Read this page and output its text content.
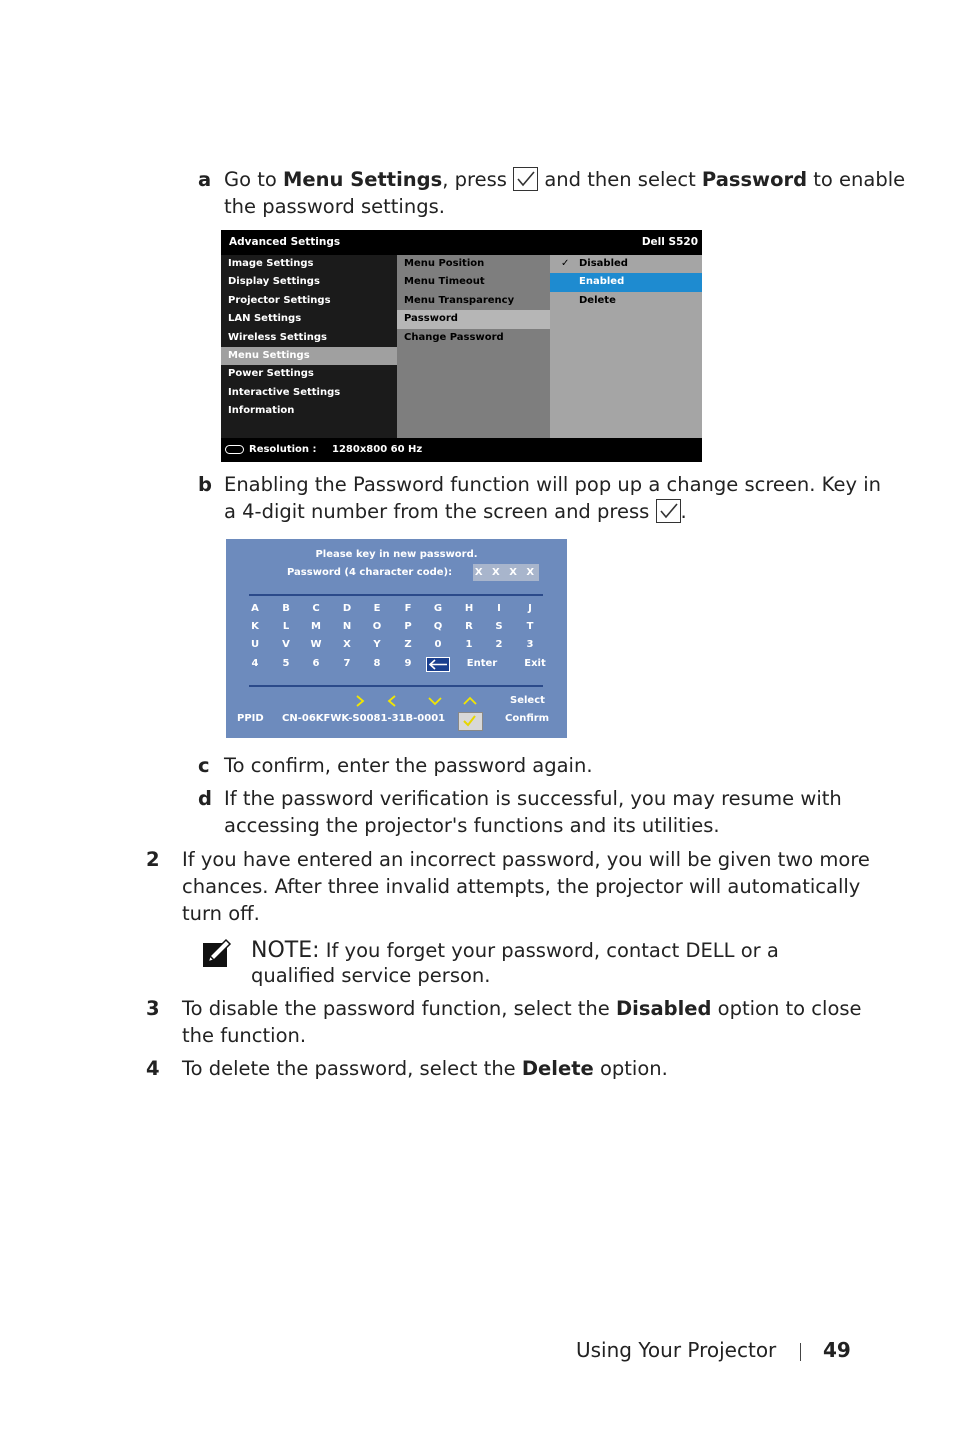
a Go to Menu Settings, press
and then select Password to enable
the password settings.
Advanced Settings	Dell S520
Image Settings
Display Settings
Projector Settings
LAN Settings
Wireless Settings
Menu Settings
Power Settings
Interactive Settings
Information
Menu Position
Menu Timeout
Menu Transparency
Password
Change Password
✓ Disabled
Enabled
Delete
Resolution : 1280x800 60 Hz
b Enabling the Password function will pop up a change screen. Key in
a 4-digit number from the screen and press
.
Please key in new password.
Password (4 character code): X X X X
A	B	C	D	E	F	G	H	I	J
K	L	M	N	O	P	Q	R	S	T
U	V	W	X	Y	Z	0	1	2	3
4	5	6	7	8	9	Enter	Exit
Select
PPID CN-06KFWK-S0081-31B-0001	Confirm
c To confirm, enter the password again.
d If the password verification is successful, you may resume with
accessing the projector's functions and its utilities.
2 If you have entered an incorrect password, you will be given two more
chances. After three invalid attempts, the projector will automatically
turn off.
NOTE: If you forget your password, contact DELL or a
qualified service person.
3 To disable the password function, select the Disabled option to close
the function.
4 To delete the password, select the Delete option.
Using Your Projector 49
